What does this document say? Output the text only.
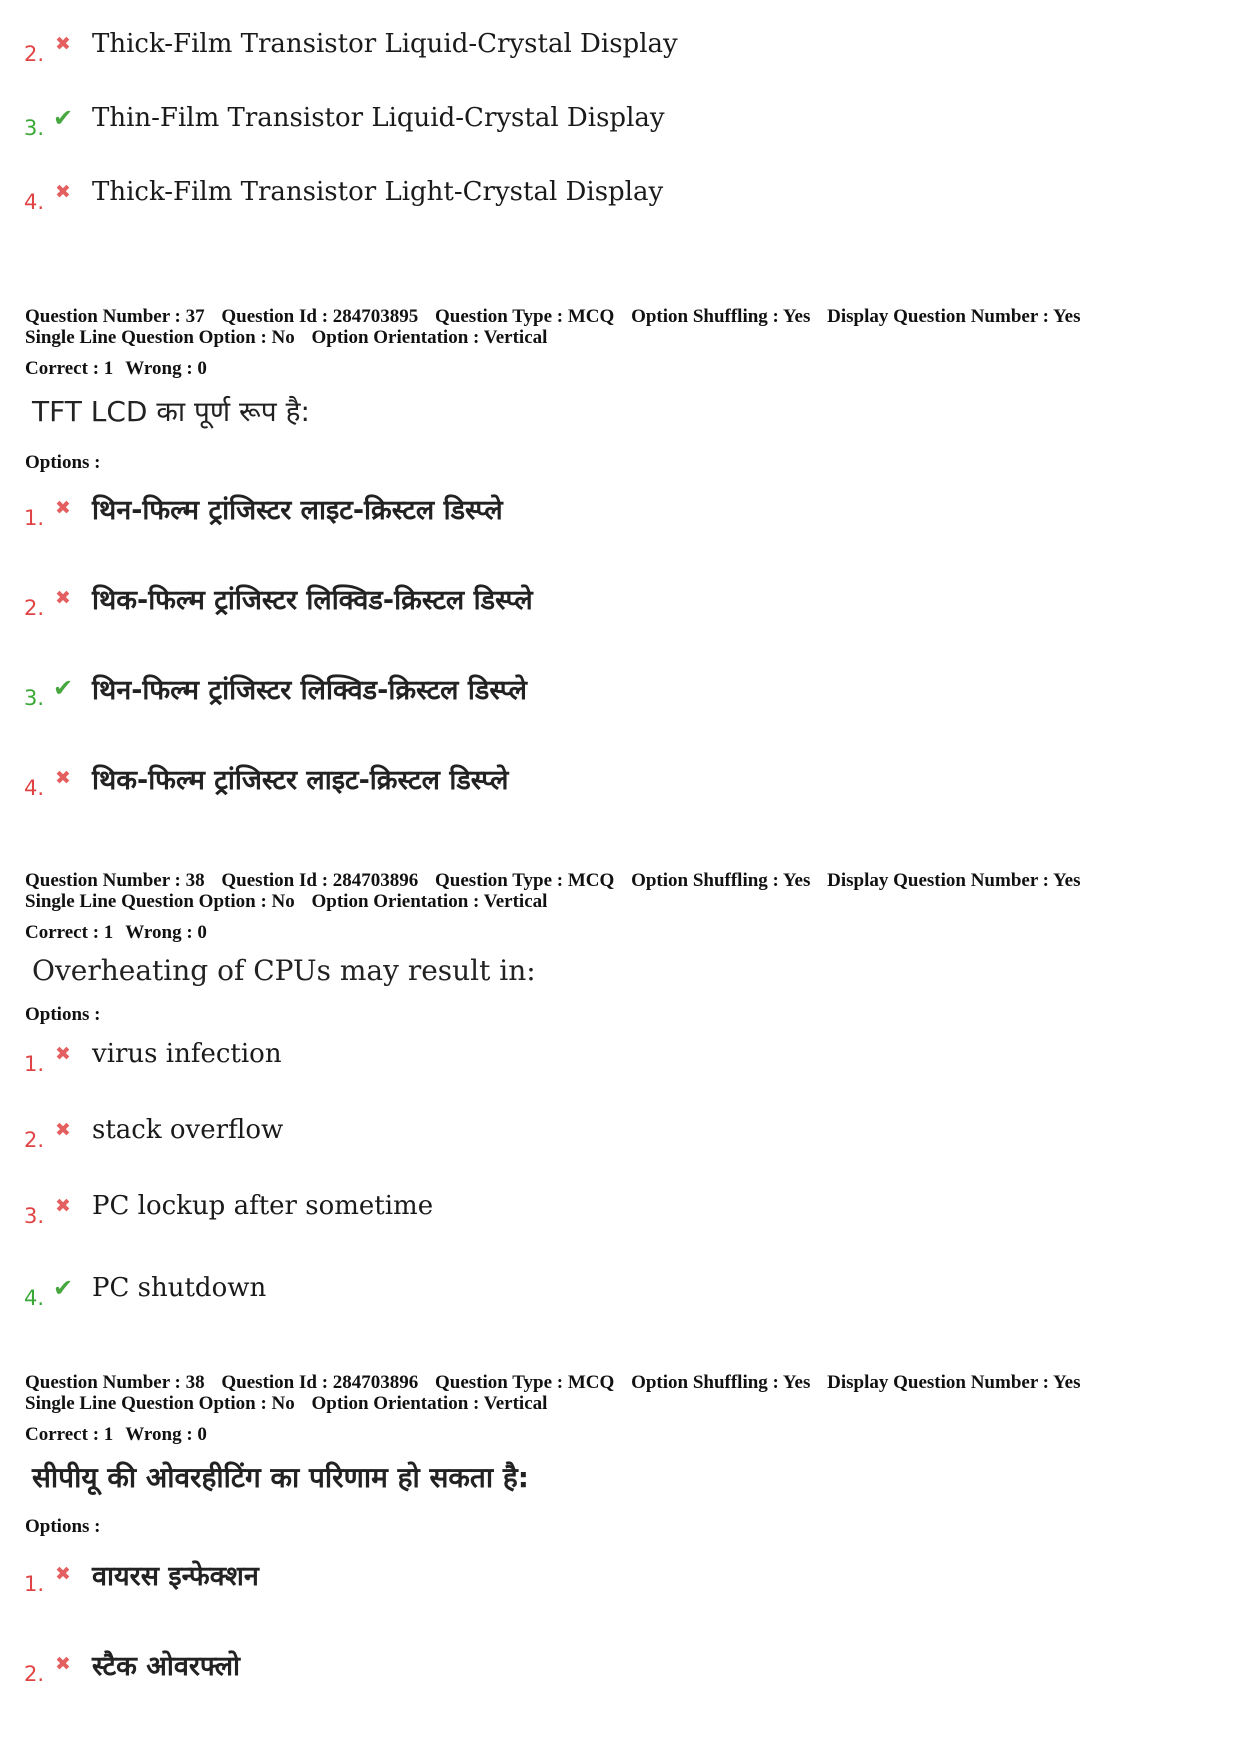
2. ✖ Thick-Film Transistor Liquid-Crystal Display
3. ✔ Thin-Film Transistor Liquid-Crystal Display
4. ✖ Thick-Film Transistor Light-Crystal Display
Question Number : 37 Question Id : 284703895 Question Type : MCQ Option Shuffling : Yes Display Question Number : Yes
Single Line Question Option : No Option Orientation : Vertical
Correct : 1 Wrong : 0
TFT LCD का पूर्ण रूप है:
Options :
1. ✖ थिन-फिल्म ट्रांजिस्टर लाइट-क्रिस्टल डिस्प्ले
2. ✖ थिक-फिल्म ट्रांजिस्टर लिक्विड-क्रिस्टल डिस्प्ले
3. ✔ थिन-फिल्म ट्रांजिस्टर लिक्विड-क्रिस्टल डिस्प्ले
4. ✖ थिक-फिल्म ट्रांजिस्टर लाइट-क्रिस्टल डिस्प्ले
Question Number : 38 Question Id : 284703896 Question Type : MCQ Option Shuffling : Yes Display Question Number : Yes
Single Line Question Option : No Option Orientation : Vertical
Correct : 1 Wrong : 0
Overheating of CPUs may result in:
Options :
1. ✖ virus infection
2. ✖ stack overflow
3. ✖ PC lockup after sometime
4. ✔ PC shutdown
Question Number : 38 Question Id : 284703896 Question Type : MCQ Option Shuffling : Yes Display Question Number : Yes
Single Line Question Option : No Option Orientation : Vertical
Correct : 1 Wrong : 0
सीपीयू की ओवरहीटिंग का परिणाम हो सकता है:
Options :
1. ✖ वायरस इन्फेक्शन
2. ✖ स्टैक ओवरफ्लो
